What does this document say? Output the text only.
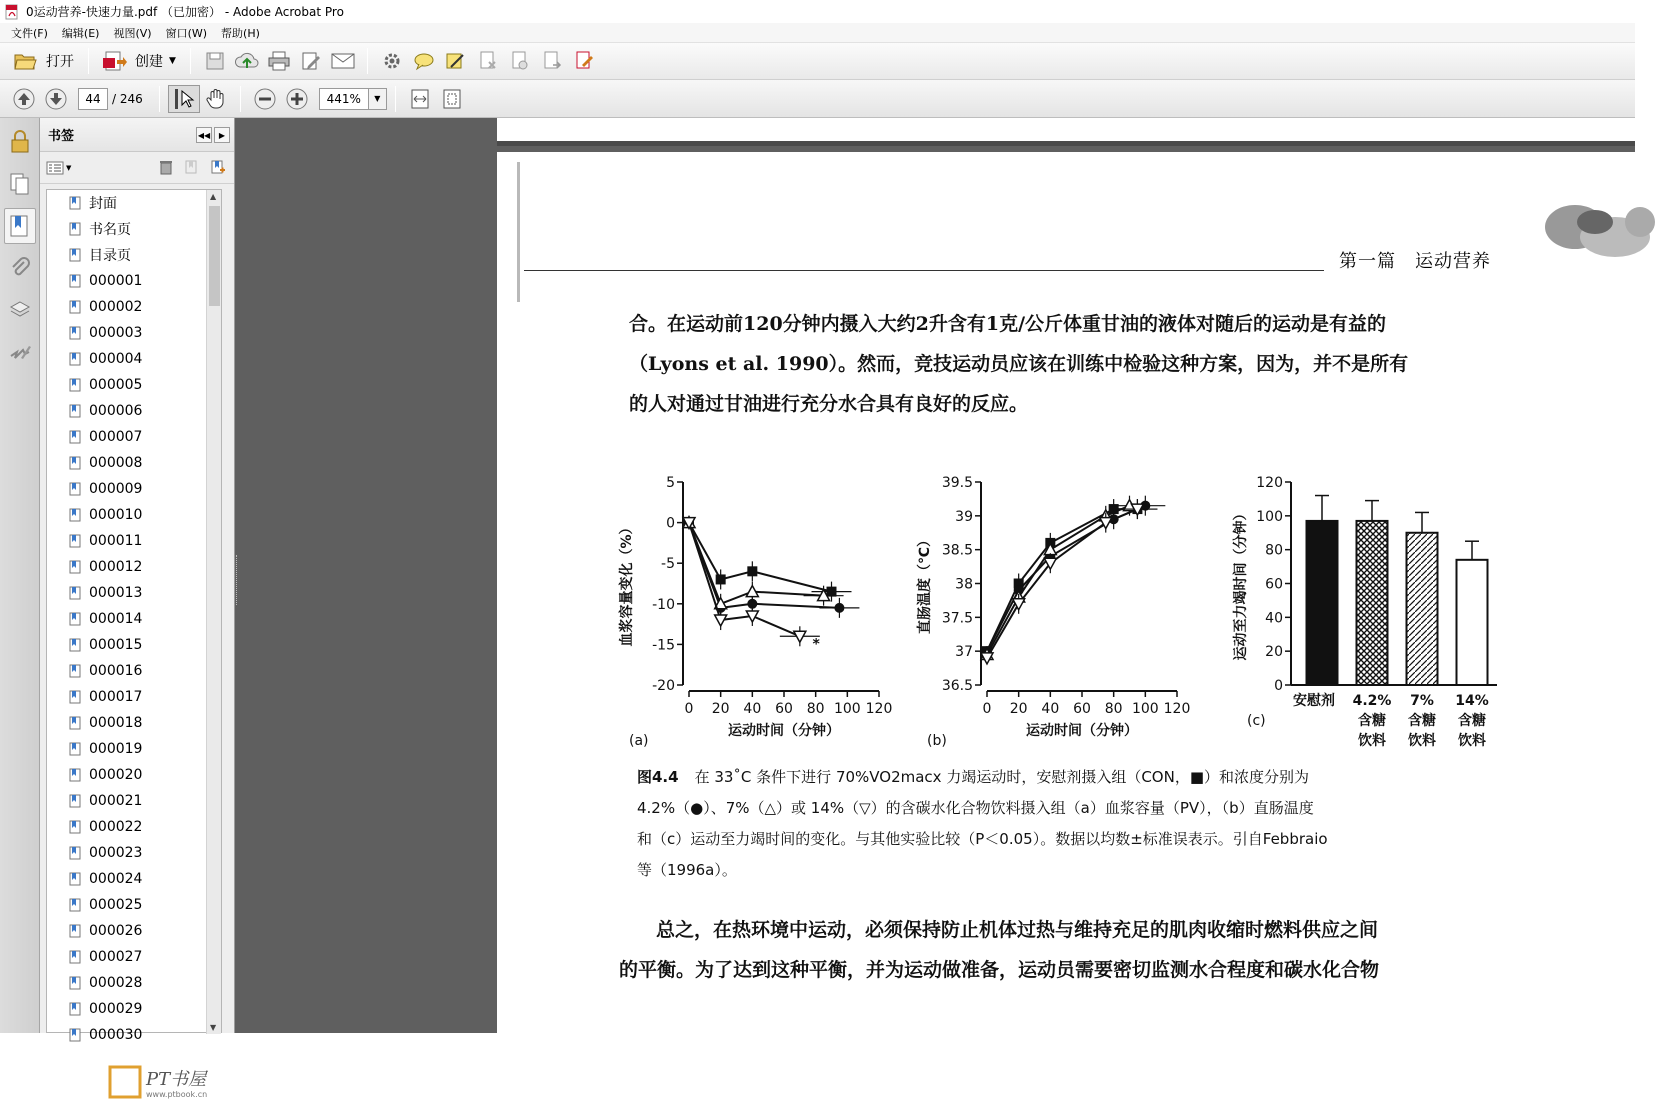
0运动营养-快速力量.pdf （已加密） - Adobe Acrobat Pro
文件(F)	编辑(E)	视图(V)	窗口(W)	帮助(H)
打开	创建 ▼
44 / 246	441%	▼
书签	◀◀ ▶
▼
封面
书名页
目录页
000001
000002
000003
000004
000005
000006
000007
000008
000009
000010
000011
000012
000013
000014
000015
000016
000017
000018
000019
000020
000021
000022
000023
000024
000025
000026
000027
000028
000029
000030
▲
▼
PT书屋
www.ptbook.cn
第一篇　运动营养
合。在运动前120分钟内摄入大约2升含有1克/公斤体重甘油的液体对随后的运动是有益的
（Lyons et al. 1990）。然而，竞技运动员应该在训练中检验这种方案，因为，并不是所有
的人对通过甘油进行充分水合具有良好的反应。
5
0
-5
-10
-15
-20
0 20 40 60 80 100 120
运动时间（分钟）
血浆容量变化（%）
(a)
*
120
100
80
60
40
20
0
安慰剂 4.2%
含糖
饮料
7%
含糖
饮料
14%
含糖
饮料
运动至力竭时间（分钟）
(c)
39.5
39
38.5
38
37.5
37
36.5
0 20 40 60 80 100 120
运动时间（分钟）
直肠温度（℃）
(b)
图4.4 在 33˚C 条件下进行 70%VO2macx 力竭运动时，安慰剂摄入组（CON，■）和浓度分别为
4.2%（●）、7%（△）或 14%（▽）的含碳水化合物饮料摄入组（a）血浆容量（PV），（b）直肠温度
和（c）运动至力竭时间的变化。与其他实验比较（P＜0.05）。数据以均数±标准误表示。引自Febbraio
等（1996a）。
　总之，在热环境中运动，必须保持防止机体过热与维持充足的肌肉收缩时燃料供应之间
的平衡。为了达到这种平衡，并为运动做准备，运动员需要密切监测水合程度和碳水化合物
